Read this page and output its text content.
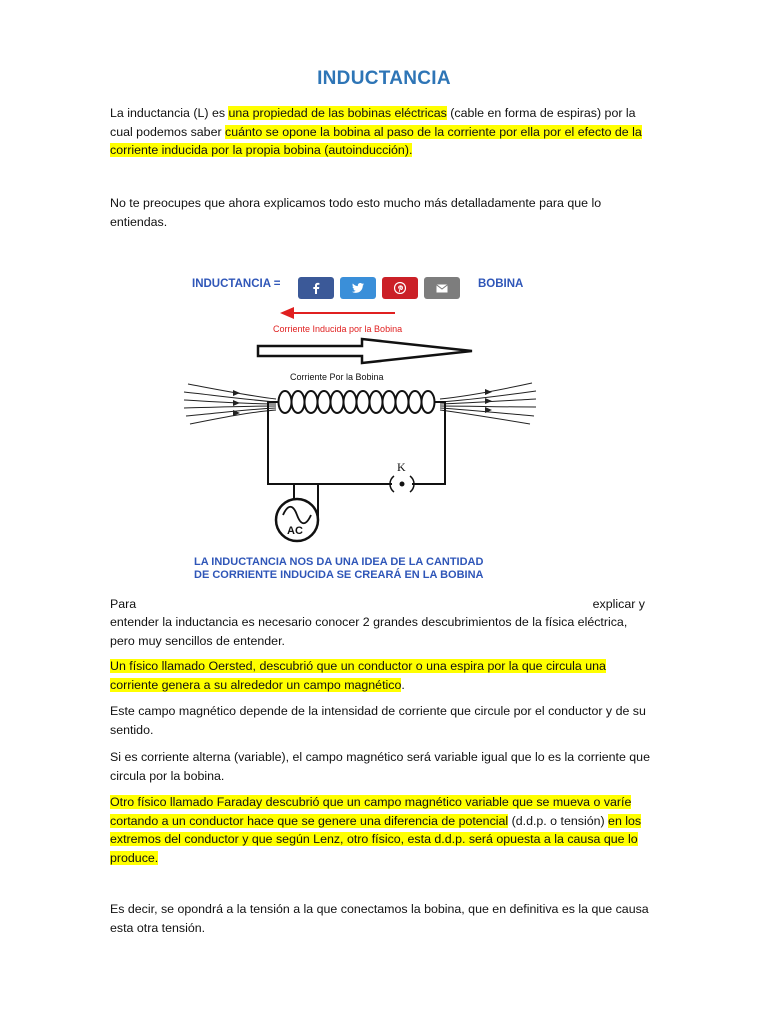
INDUCTANCIA

La inductancia (L) es una propiedad de las bobinas eléctricas (cable en forma de espiras) por la cual podemos saber cuánto se opone la bobina al paso de la corriente por ella por el efecto de la corriente inducida por la propia bobina (autoinducción).

No te preocupes que ahora explicamos todo esto mucho más detalladamente para que lo entiendas.

INDUCTANCIA =	BOBINA
Corriente Inducida por la Bobina
Corriente Por la Bobina
AC
K
LA INDUCTANCIA NOS DA UNA IDEA DE LA CANTIDAD
DE CORRIENTE INDUCIDA SE CREARÁ EN LA BOBINA
Para	explicar y

entender la inductancia es necesario conocer 2 grandes descubrimientos de la física eléctrica, pero muy sencillos de entender.

Un físico llamado Oersted, descubrió que un conductor o una espira por la que circula una corriente genera a su alrededor un campo magnético.

Este campo magnético depende de la intensidad de corriente que circule por el conductor y de su sentido.

Si es corriente alterna (variable), el campo magnético será variable igual que lo es la corriente que circula por la bobina.

Otro físico llamado Faraday descubrió que un campo magnético variable que se mueva o varíe cortando a un conductor hace que se genere una diferencia de potencial (d.d.p. o tensión) en los extremos del conductor y que según Lenz, otro físico, esta d.d.p. será opuesta a la causa que lo produce.

Es decir, se opondrá a la tensión a la que conectamos la bobina, que en definitiva es la que causa esta otra tensión.
